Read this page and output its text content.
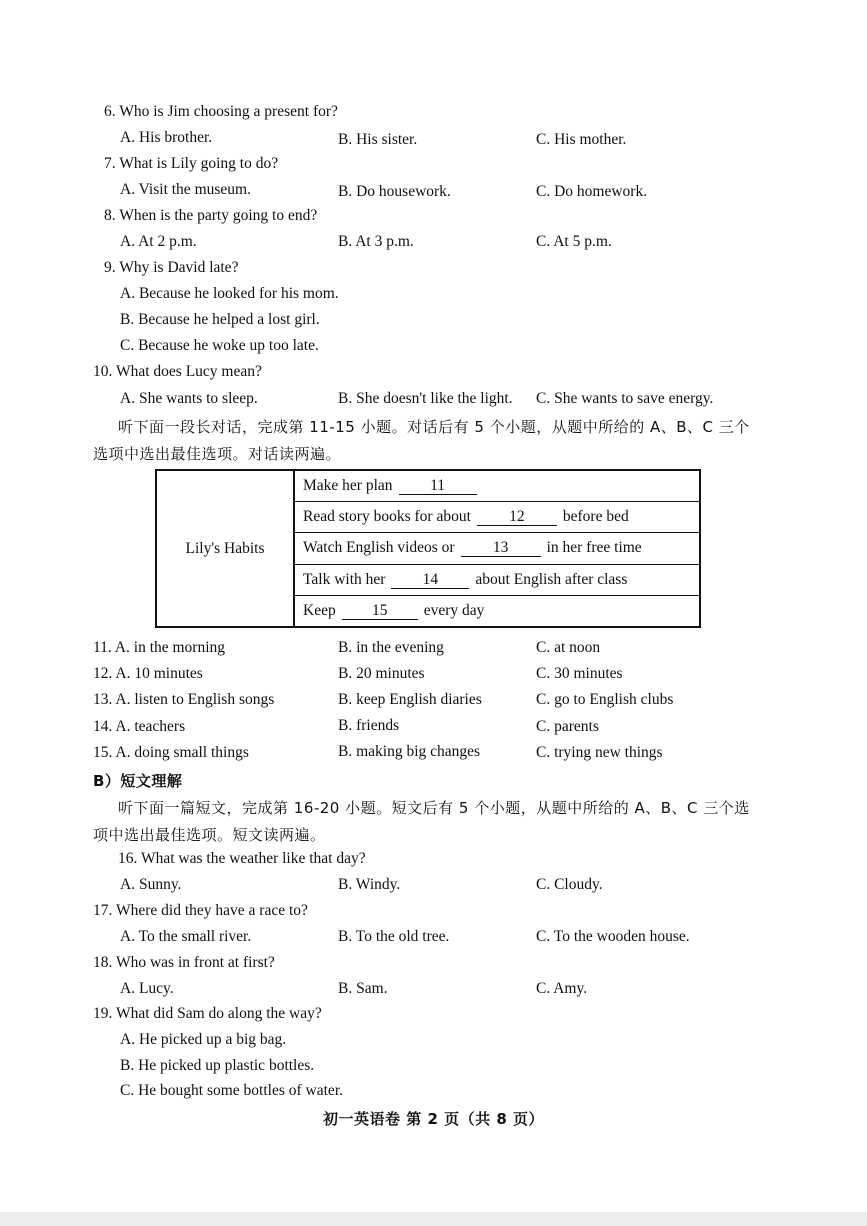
6. Who is Jim choosing a present for?
A. His brother.	B. His sister.	C. His mother.
7. What is Lily going to do?
A. Visit the museum.	B. Do housework.	C. Do homework.
8. When is the party going to end?
A. At 2 p.m.	B. At 3 p.m.	C. At 5 p.m.
9. Why is David late?
A. Because he looked for his mom.
B. Because he helped a lost girl.
C. Because he woke up too late.
10. What does Lucy mean?
A. She wants to sleep.	B. She doesn't like the light. C. She wants to save energy.
听下面一段长对话，完成第 11-15 小题。对话后有 5 个小题，从题中所给的 A、B、C 三个
选项中选出最佳选项。对话读两遍。
Lily's Habits	Make her plan 11
Read story books for about 12 before bed
Watch English videos or 13 in her free time
Talk with her 14 about English after class
Keep 15 every day
11. A. in the morning	B. in the evening	C. at noon
12. A. 10 minutes	B. 20 minutes	C. 30 minutes
13. A. listen to English songs	B. keep English diaries	C. go to English clubs
14. A. teachers	B. friends	C. parents
15. A. doing small things	B. making big changes	C. trying new things
B）短文理解
听下面一篇短文，完成第 16-20 小题。短文后有 5 个小题，从题中所给的 A、B、C 三个选
项中选出最佳选项。短文读两遍。
16. What was the weather like that day?
A. Sunny.	B. Windy.	C. Cloudy.
17. Where did they have a race to?
A. To the small river.	B. To the old tree.	C. To the wooden house.
18. Who was in front at first?
A. Lucy.	B. Sam.	C. Amy.
19. What did Sam do along the way?
A. He picked up a big bag.
B. He picked up plastic bottles.
C. He bought some bottles of water.
初一英语卷 第 2 页（共 8 页）
